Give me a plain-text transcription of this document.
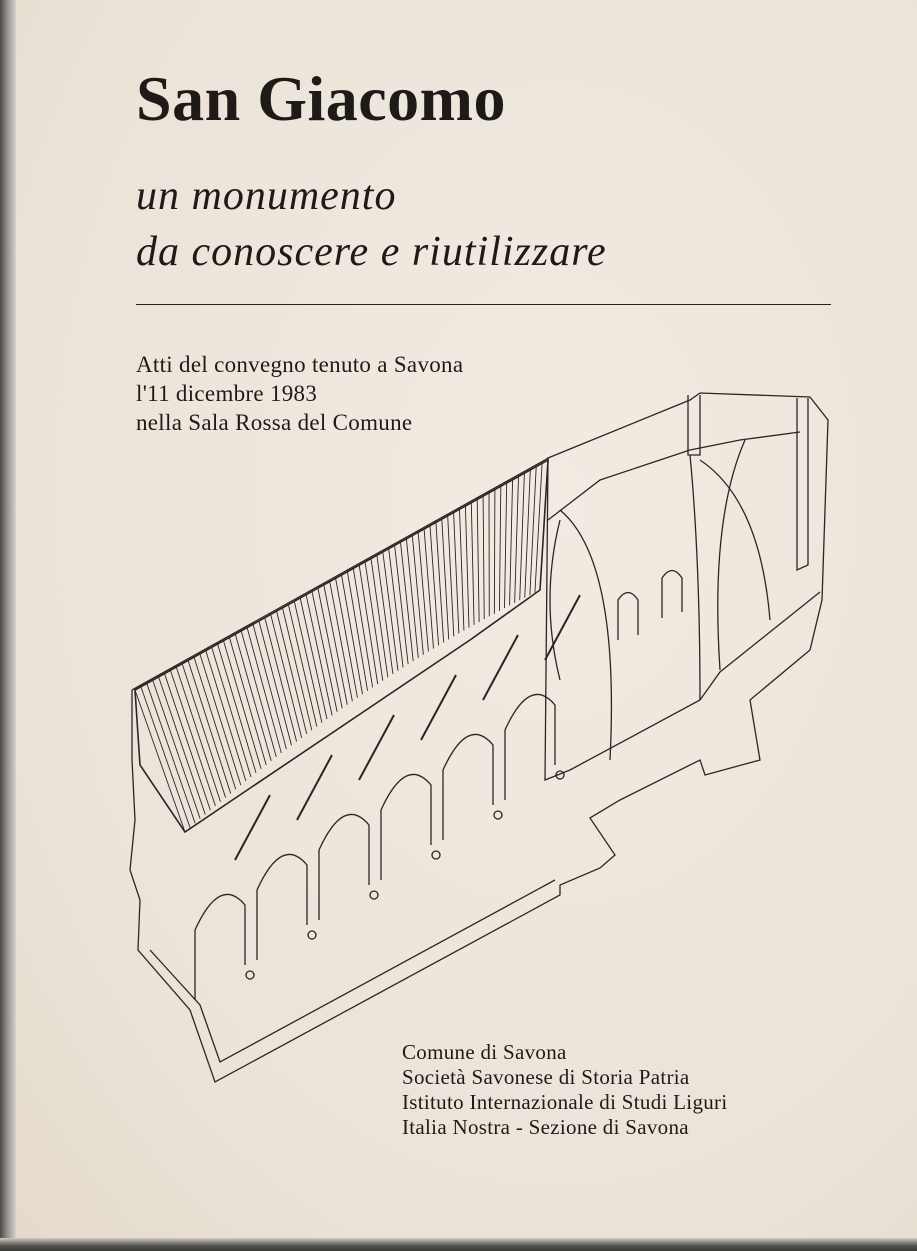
San Giacomo
un monumento
da conoscere e riutilizzare
Atti del convegno tenuto a Savona
l'11 dicembre 1983
nella Sala Rossa del Comune
Comune di Savona
Società Savonese di Storia Patria
Istituto Internazionale di Studi Liguri
Italia Nostra - Sezione di Savona
